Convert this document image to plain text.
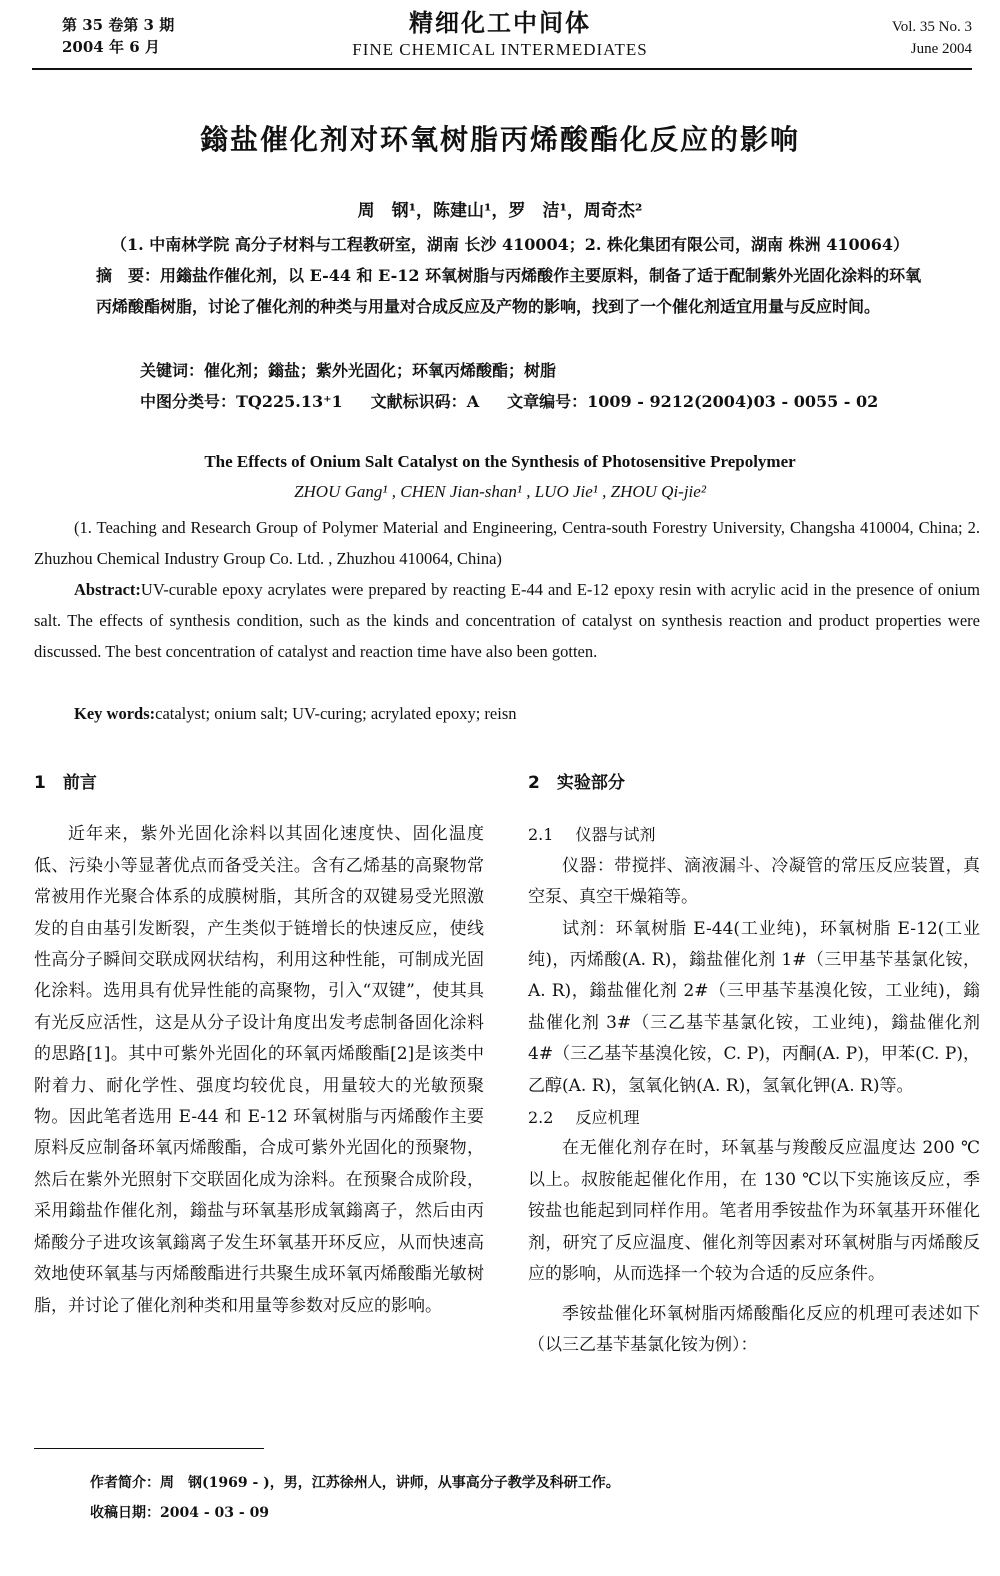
第 35 卷第 3 期
2004 年 6 月
精细化工中间体
FINE CHEMICAL INTERMEDIATES
Vol. 35 No. 3
June 2004
鎓盐催化剂对环氧树脂丙烯酸酯化反应的影响
周　钢¹，陈建山¹，罗　洁¹，周奇杰²
（1. 中南林学院 高分子材料与工程教研室，湖南 长沙 410004；2. 株化集团有限公司，湖南 株洲 410064）
摘　要：用鎓盐作催化剂，以 E-44 和 E-12 环氧树脂与丙烯酸作主要原料，制备了适于配制紫外光固化涂料的环氧丙烯酸酯树脂，讨论了催化剂的种类与用量对合成反应及产物的影响，找到了一个催化剂适宜用量与反应时间。
关键词：催化剂；鎓盐；紫外光固化；环氧丙烯酸酯；树脂
中图分类号：TQ225.13⁺1 文献标识码：A 文章编号：1009 - 9212(2004)03 - 0055 - 02
The Effects of Onium Salt Catalyst on the Synthesis of Photosensitive Prepolymer
ZHOU Gang¹ , CHEN Jian-shan¹ , LUO Jie¹ , ZHOU Qi-jie²
(1. Teaching and Research Group of Polymer Material and Engineering, Centra-south Forestry University, Changsha 410004, China; 2. Zhuzhou Chemical Industry Group Co. Ltd. , Zhuzhou 410064, China)
Abstract:UV-curable epoxy acrylates were prepared by reacting E-44 and E-12 epoxy resin with acrylic acid in the presence of onium salt. The effects of synthesis condition, such as the kinds and concentration of catalyst on synthesis reaction and product properties were discussed. The best concentration of catalyst and reaction time have also been gotten.
Key words:catalyst; onium salt; UV-curing; acrylated epoxy; reisn
1　前言

近年来，紫外光固化涂料以其固化速度快、固化温度低、污染小等显著优点而备受关注。含有乙烯基的高聚物常常被用作光聚合体系的成膜树脂，其所含的双键易受光照激发的自由基引发断裂，产生类似于链增长的快速反应，使线性高分子瞬间交联成网状结构，利用这种性能，可制成光固化涂料。选用具有优异性能的高聚物，引入“双键”，使其具有光反应活性，这是从分子设计角度出发考虑制备固化涂料的思路[1]。其中可紫外光固化的环氧丙烯酸酯[2]是该类中附着力、耐化学性、强度均较优良，用量较大的光敏预聚物。因此笔者选用 E-44 和 E-12 环氧树脂与丙烯酸作主要原料反应制备环氧丙烯酸酯，合成可紫外光固化的预聚物，然后在紫外光照射下交联固化成为涂料。在预聚合成阶段，采用鎓盐作催化剂，鎓盐与环氧基形成氧鎓离子，然后由丙烯酸分子进攻该氧鎓离子发生环氧基开环反应，从而快速高效地使环氧基与丙烯酸酯进行共聚生成环氧丙烯酸酯光敏树脂，并讨论了催化剂种类和用量等参数对反应的影响。

2　实验部分
2.1 仪器与试剂

仪器：带搅拌、滴液漏斗、冷凝管的常压反应装置，真空泵、真空干燥箱等。

试剂：环氧树脂 E-44(工业纯)，环氧树脂 E-12(工业纯)，丙烯酸(A. R)，鎓盐催化剂 1#（三甲基苄基氯化铵，A. R)，鎓盐催化剂 2#（三甲基苄基溴化铵，工业纯)，鎓盐催化剂 3#（三乙基苄基氯化铵，工业纯)，鎓盐催化剂 4#（三乙基苄基溴化铵，C. P)，丙酮(A. P)，甲苯(C. P)，乙醇(A. R)，氢氧化钠(A. R)，氢氧化钾(A. R)等。

2.2 反应机理

在无催化剂存在时，环氧基与羧酸反应温度达 200 ℃以上。叔胺能起催化作用，在 130 ℃以下实施该反应，季铵盐也能起到同样作用。笔者用季铵盐作为环氧基开环催化剂，研究了反应温度、催化剂等因素对环氧树脂与丙烯酸反应的影响，从而选择一个较为合适的反应条件。

季铵盐催化环氧树脂丙烯酸酯化反应的机理可表述如下（以三乙基苄基氯化铵为例）：

作者简介：周　钢(1969 - )，男，江苏徐州人，讲师，从事高分子教学及科研工作。
收稿日期：2004 - 03 - 09
